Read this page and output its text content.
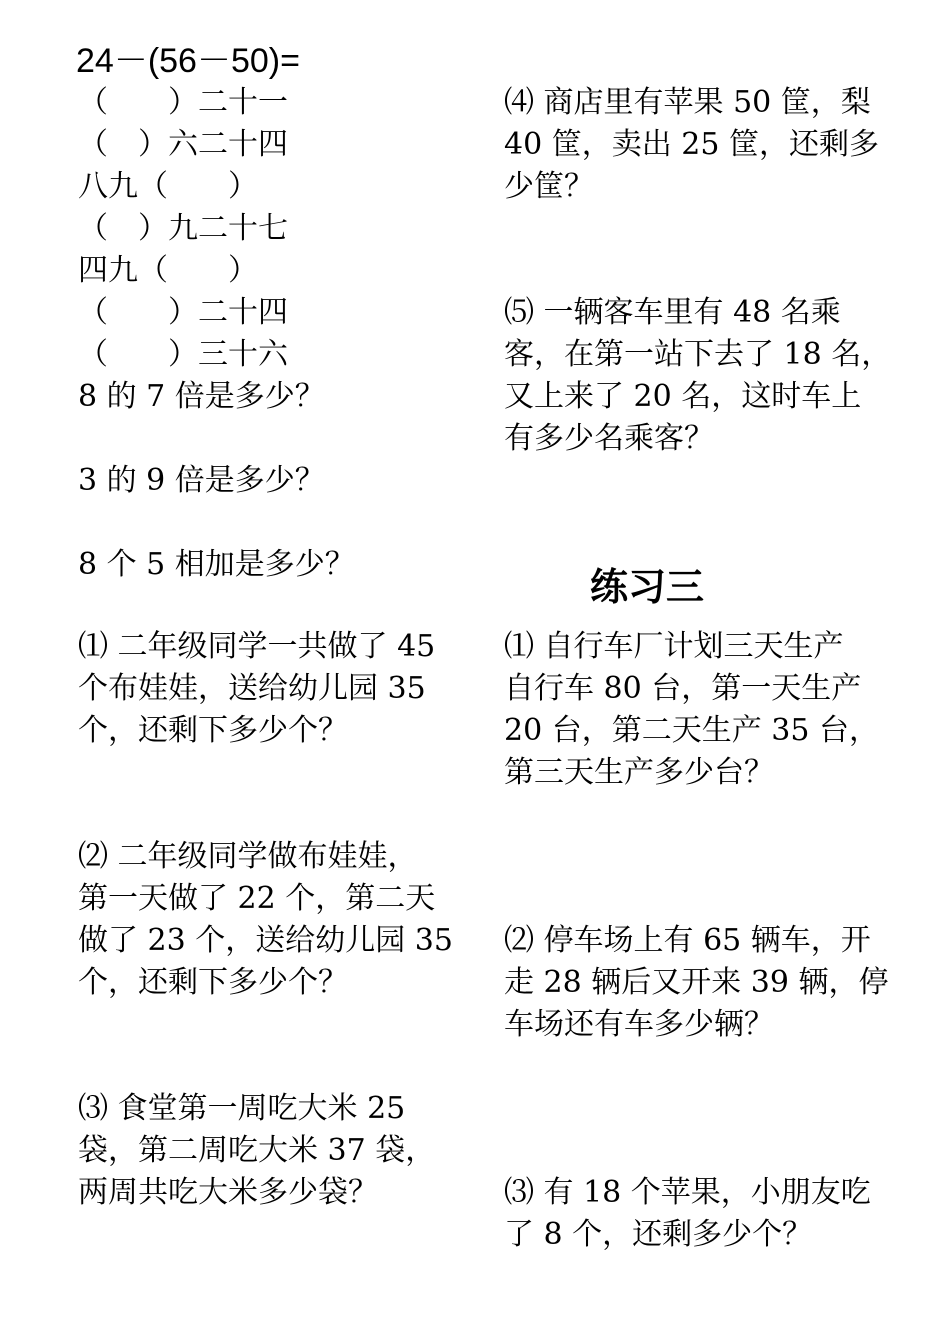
24－(56－50)=
（　　）二十一
（　）六二十四
八九（　　）
（　）九二十七
四九（　　）
（　　）二十四
（　　）三十六
8 的 7 倍是多少？
3 的 9 倍是多少？
8 个 5 相加是多少？
⑴ 二年级同学一共做了 45
个布娃娃，送给幼儿园 35
个，还剩下多少个？
⑵ 二年级同学做布娃娃，
第一天做了 22 个，第二天
做了 23 个，送给幼儿园 35
个，还剩下多少个？
⑶ 食堂第一周吃大米 25
袋，第二周吃大米 37 袋，
两周共吃大米多少袋？
⑷ 商店里有苹果 50 筐，梨
40 筐，卖出 25 筐，还剩多
少筐？
⑸ 一辆客车里有 48 名乘
客，在第一站下去了 18 名，
又上来了 20 名，这时车上
有多少名乘客？
练习三
⑴ 自行车厂计划三天生产
自行车 80 台，第一天生产
20 台，第二天生产 35 台，
第三天生产多少台？
⑵ 停车场上有 65 辆车，开
走 28 辆后又开来 39 辆，停
车场还有车多少辆？
⑶ 有 18 个苹果，小朋友吃
了 8 个，还剩多少个？
